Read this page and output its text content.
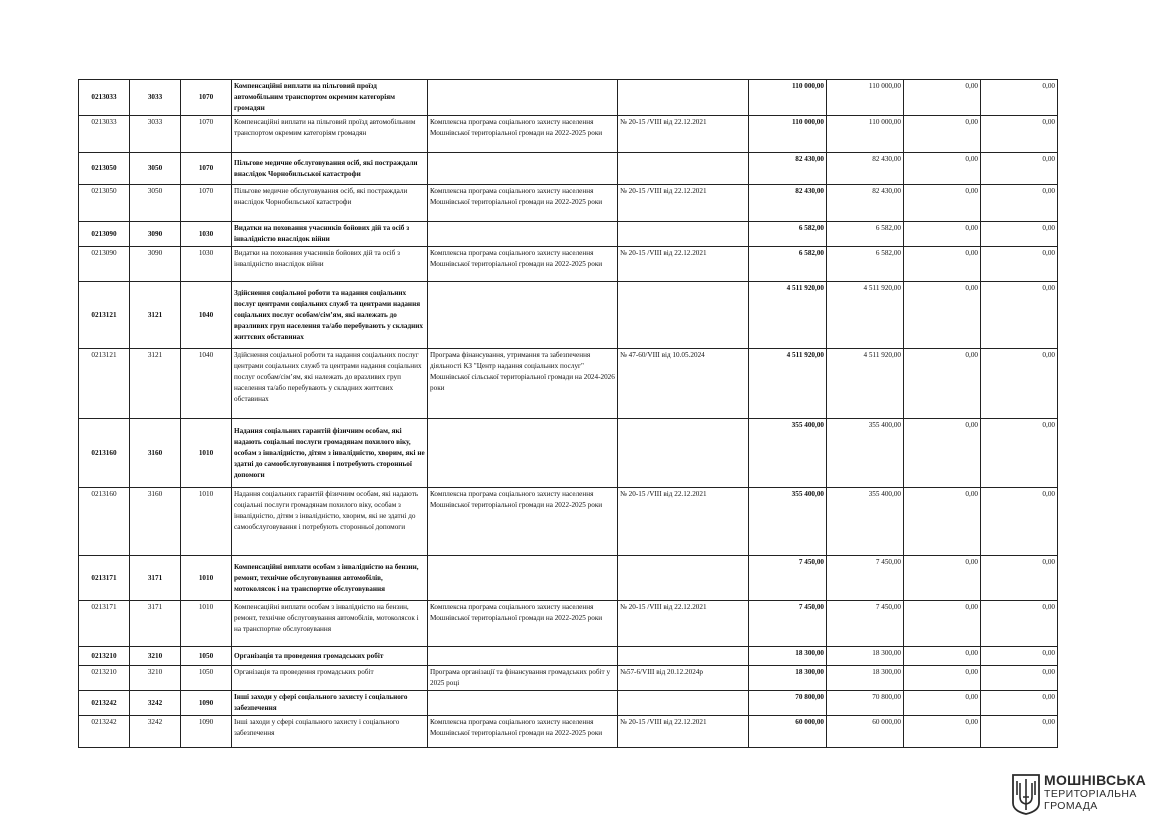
0213033	3033	1070	Компенсаційні виплати на пільговий проїзд автомобільним транспортом окремим категоріям громадян			110 000,00	110 000,00	0,00	0,00
0213033	3033	1070	Компенсаційні виплати на пільговий проїзд автомобільним транспортом окремим категоріям громадян	Комплексна програма соціального захисту населення Мошнівської територіальної громади на 2022-2025 роки	№ 20-15 /VIII від 22.12.2021	110 000,00	110 000,00	0,00	0,00
0213050	3050	1070	Пільгове медичне обслуговування осіб, які постраждали внаслідок Чорнобильської катастрофи			82 430,00	82 430,00	0,00	0,00
0213050	3050	1070	Пільгове медичне обслуговування осіб, які постраждали внаслідок Чорнобильської катастрофи	Комплексна програма соціального захисту населення Мошнівської територіальної громади на 2022-2025 роки	№ 20-15 /VIII від 22.12.2021	82 430,00	82 430,00	0,00	0,00
0213090	3090	1030	Видатки на поховання учасників бойових дій та осіб з інвалідністю внаслідок війни			6 582,00	6 582,00	0,00	0,00
0213090	3090	1030	Видатки на поховання учасників бойових дій та осіб з інвалідністю внаслідок війни	Комплексна програма соціального захисту населення Мошнівської територіальної громади на 2022-2025 роки	№ 20-15 /VIII від 22.12.2021	6 582,00	6 582,00	0,00	0,00
0213121	3121	1040	Здійснення соціальної роботи та надання соціальних послуг центрами соціальних служб та центрами надання соціальних послуг особам/сім’ям, які належать до вразливих груп населення та/або перебувають у складних життєвих обставинах			4 511 920,00	4 511 920,00	0,00	0,00
0213121	3121	1040	Здійснення соціальної роботи та надання соціальних послуг центрами соціальних служб та центрами надання соціальних послуг особам/сім’ям, які належать до вразливих груп населення та/або перебувають у складних життєвих обставинах	Програма фінансування, утримання та забезпечення діяльності КЗ "Центр надання соціальних послуг" Мошнівської сільської територіальної громади на 2024-2026 роки	№ 47-60/VIII від 10.05.2024	4 511 920,00	4 511 920,00	0,00	0,00
0213160	3160	1010	Надання соціальних гарантій фізичним особам, які надають соціальні послуги громадянам похилого віку, особам з інвалідністю, дітям з інвалідністю, хворим, які не здатні до самообслуговування і потребують сторонньої допомоги			355 400,00	355 400,00	0,00	0,00
0213160	3160	1010	Надання соціальних гарантій фізичним особам, які надають соціальні послуги громадянам похилого віку, особам з інвалідністю, дітям з інвалідністю, хворим, які не здатні до самообслуговування і потребують сторонньої допомоги	Комплексна програма соціального захисту населення Мошнівської територіальної громади на 2022-2025 роки	№ 20-15 /VIII від 22.12.2021	355 400,00	355 400,00	0,00	0,00
0213171	3171	1010	Компенсаційні виплати особам з інвалідністю на бензин, ремонт, технічне обслуговування автомобілів, мотоколясок і на транспортне обслуговування			7 450,00	7 450,00	0,00	0,00
0213171	3171	1010	Компенсаційні виплати особам з інвалідністю на бензин, ремонт, технічне обслуговування автомобілів, мотоколясок і на транспортне обслуговування	Комплексна програма соціального захисту населення Мошнівської територіальної громади на 2022-2025 роки	№ 20-15 /VIII від 22.12.2021	7 450,00	7 450,00	0,00	0,00
0213210	3210	1050	Організація та проведення громадських робіт			18 300,00	18 300,00	0,00	0,00
0213210	3210	1050	Організація та проведення громадських робіт	Програма організації та фінансування громадських робіт у 2025 році	№57-6/VIII від 20.12.2024р	18 300,00	18 300,00	0,00	0,00
0213242	3242	1090	Інші заходи у сфері соціального захисту і соціального забезпечення			70 800,00	70 800,00	0,00	0,00
0213242	3242	1090	Інші заходи у сфері соціального захисту і соціального забезпечення	Комплексна програма соціального захисту населення Мошнівської територіальної громади на 2022-2025 роки	№ 20-15 /VIII від 22.12.2021	60 000,00	60 000,00	0,00	0,00
МОШНІВСЬКА
ТЕРИТОРІАЛЬНА
ГРОМАДА
